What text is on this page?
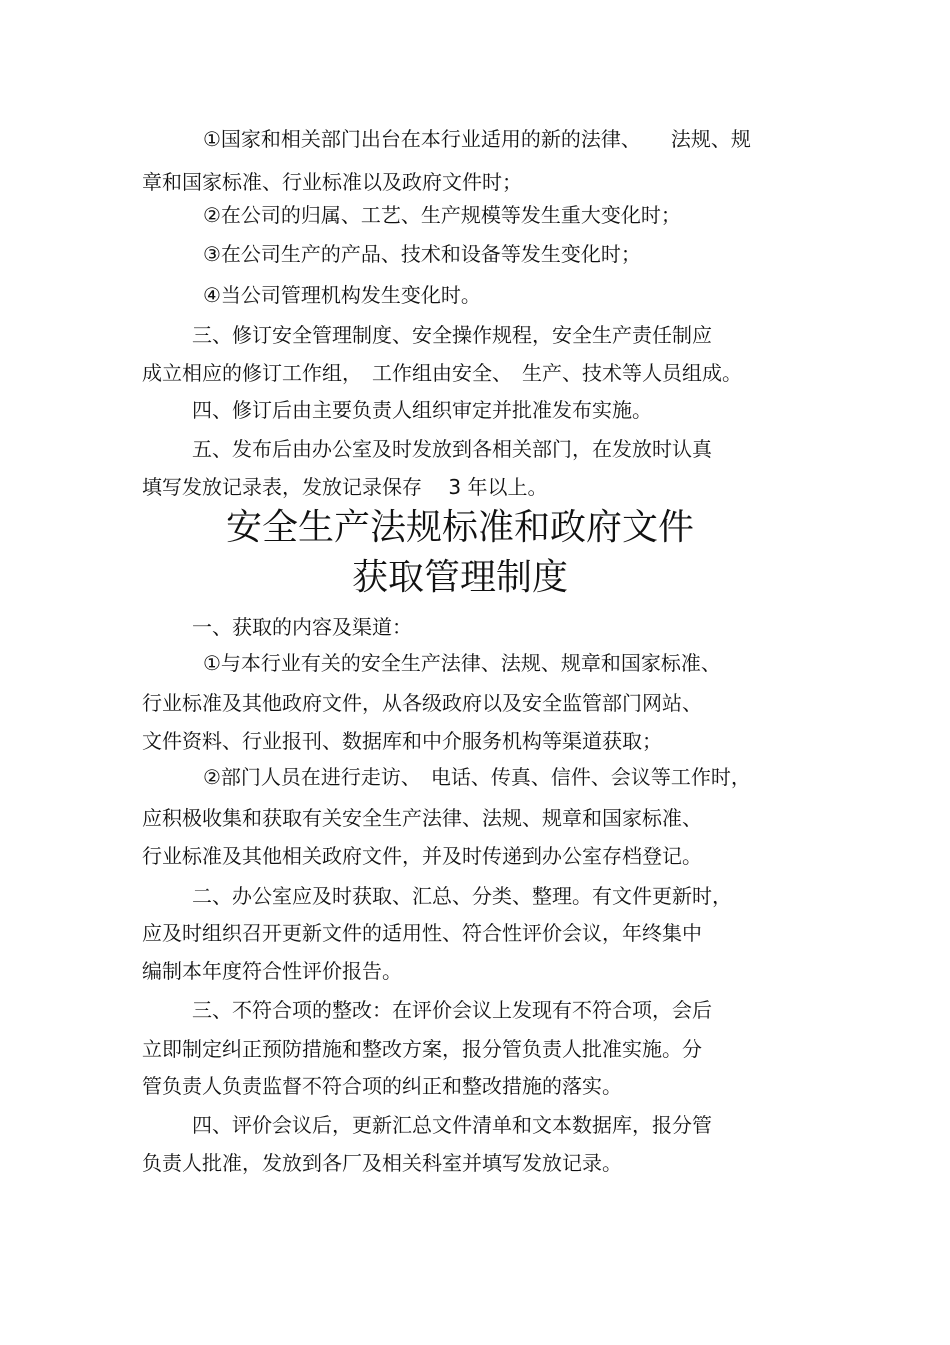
①国家和相关部门出台在本行业适用的新的法律、　　法规、规
章和国家标准、行业标准以及政府文件时；
②在公司的归属、工艺、生产规模等发生重大变化时；
③在公司生产的产品、技术和设备等发生变化时；
④当公司管理机构发生变化时。
三、修订安全管理制度、安全操作规程，安全生产责任制应
成立相应的修订工作组，　工作组由安全、　生产、技术等人员组成。
四、修订后由主要负责人组织审定并批准发布实施。
五、发布后由办公室及时发放到各相关部门，在发放时认真
填写发放记录表，发放记录保存　 3 年以上。
安全生产法规标准和政府文件
获取管理制度
一、获取的内容及渠道：
①与本行业有关的安全生产法律、法规、规章和国家标准、
行业标准及其他政府文件，从各级政府以及安全监管部门网站、
文件资料、行业报刊、数据库和中介服务机构等渠道获取；
②部门人员在进行走访、　电话、传真、信件、会议等工作时，
应积极收集和获取有关安全生产法律、法规、规章和国家标准、
行业标准及其他相关政府文件，并及时传递到办公室存档登记。
二、办公室应及时获取、汇总、分类、整理。有文件更新时，
应及时组织召开更新文件的适用性、符合性评价会议，年终集中
编制本年度符合性评价报告。
三、不符合项的整改：在评价会议上发现有不符合项，会后
立即制定纠正预防措施和整改方案，报分管负责人批准实施。分
管负责人负责监督不符合项的纠正和整改措施的落实。
四、评价会议后，更新汇总文件清单和文本数据库，报分管
负责人批准，发放到各厂及相关科室并填写发放记录。
